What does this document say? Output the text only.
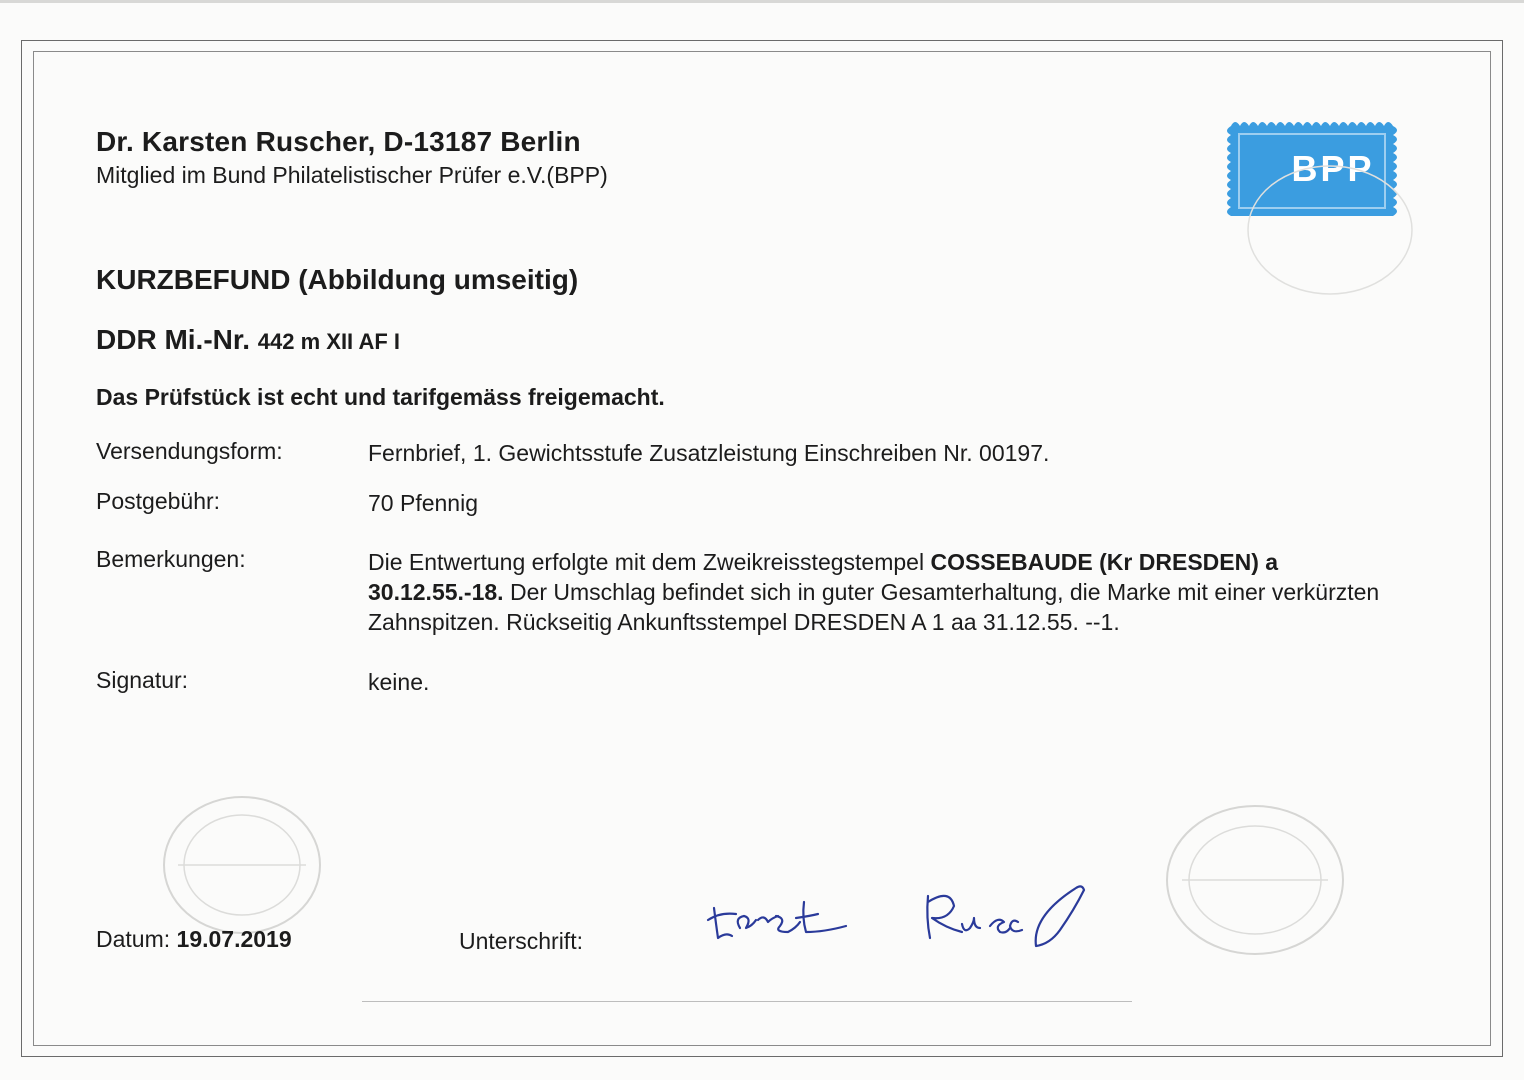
Dr. Karsten Ruscher, D-13187 Berlin
Mitglied im Bund Philatelistischer Prüfer e.V.(BPP)	BPP
KURZBEFUND (Abbildung umseitig)
DDR Mi.-Nr. 442 m XII AF I
Das Prüfstück ist echt und tarifgemäss freigemacht.
Versendungsform:	Fernbrief, 1. Gewichtsstufe Zusatzleistung Einschreiben Nr. 00197.
Postgebühr:	70 Pfennig
Bemerkungen:	Die Entwertung erfolgte mit dem Zweikreisstegstempel COSSEBAUDE (Kr DRESDEN) a 30.12.55.-18. Der Umschlag befindet sich in guter Gesamterhaltung, die Marke mit einer verkürzten Zahnspitzen. Rückseitig Ankunftsstempel DRESDEN A 1 aa 31.12.55. --1.
Signatur:	keine.
Datum: 19.07.2019	Unterschrift:
